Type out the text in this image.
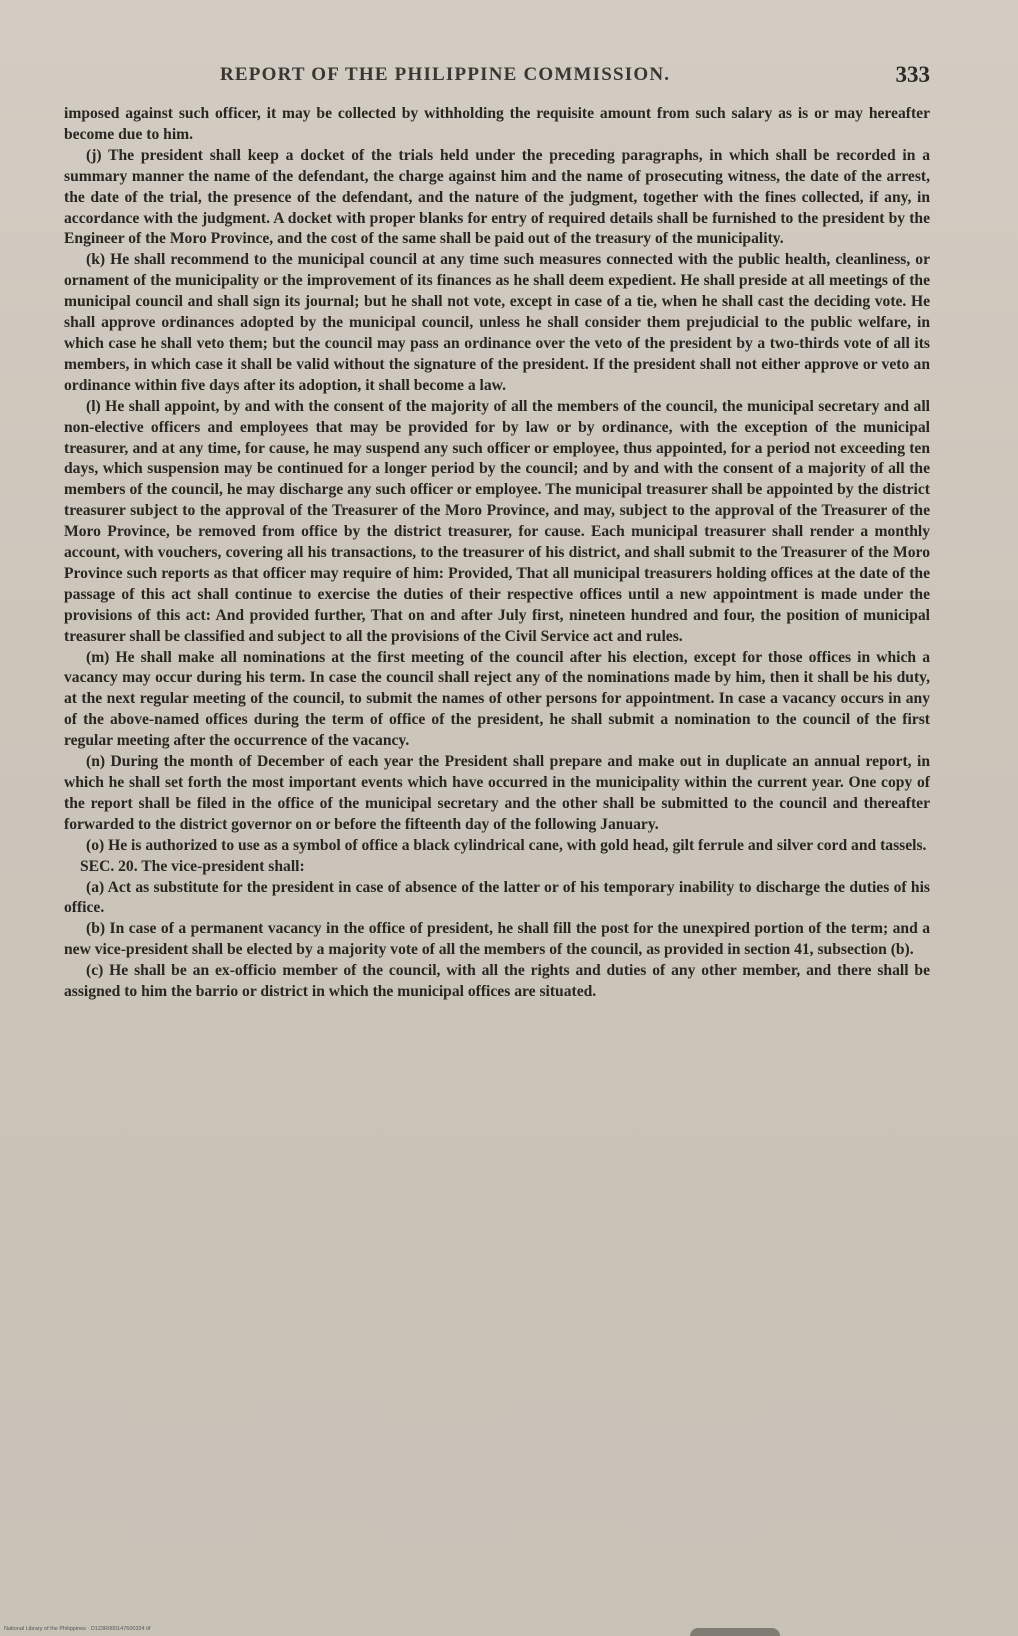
REPORT OF THE PHILIPPINE COMMISSION.	333

imposed against such officer, it may be collected by withholding the requisite amount from such salary as is or may hereafter become due to him.

(j) The president shall keep a docket of the trials held under the preceding paragraphs, in which shall be recorded in a summary manner the name of the defendant, the charge against him and the name of prosecuting witness, the date of the arrest, the date of the trial, the presence of the defendant, and the nature of the judgment, together with the fines collected, if any, in accordance with the judgment. A docket with proper blanks for entry of required details shall be furnished to the president by the Engineer of the Moro Province, and the cost of the same shall be paid out of the treasury of the municipality.

(k) He shall recommend to the municipal council at any time such measures connected with the public health, cleanliness, or ornament of the municipality or the improvement of its finances as he shall deem expedient. He shall preside at all meetings of the municipal council and shall sign its journal; but he shall not vote, except in case of a tie, when he shall cast the deciding vote. He shall approve ordinances adopted by the municipal council, unless he shall consider them prejudicial to the public welfare, in which case he shall veto them; but the council may pass an ordinance over the veto of the president by a two-thirds vote of all its members, in which case it shall be valid without the signature of the president. If the president shall not either approve or veto an ordinance within five days after its adoption, it shall become a law.

(l) He shall appoint, by and with the consent of the majority of all the members of the council, the municipal secretary and all non-elective officers and employees that may be provided for by law or by ordinance, with the exception of the municipal treasurer, and at any time, for cause, he may suspend any such officer or employee, thus appointed, for a period not exceeding ten days, which suspension may be continued for a longer period by the council; and by and with the consent of a majority of all the members of the council, he may discharge any such officer or employee. The municipal treasurer shall be appointed by the district treasurer subject to the approval of the Treasurer of the Moro Province, and may, subject to the approval of the Treasurer of the Moro Province, be removed from office by the district treasurer, for cause. Each municipal treasurer shall render a monthly account, with vouchers, covering all his transactions, to the treasurer of his district, and shall submit to the Treasurer of the Moro Province such reports as that officer may require of him: Provided, That all municipal treasurers holding offices at the date of the passage of this act shall continue to exercise the duties of their respective offices until a new appointment is made under the provisions of this act: And provided further, That on and after July first, nineteen hundred and four, the position of municipal treasurer shall be classified and subject to all the provisions of the Civil Service act and rules.

(m) He shall make all nominations at the first meeting of the council after his election, except for those offices in which a vacancy may occur during his term. In case the council shall reject any of the nominations made by him, then it shall be his duty, at the next regular meeting of the council, to submit the names of other persons for appointment. In case a vacancy occurs in any of the above-named offices during the term of office of the president, he shall submit a nomination to the council of the first regular meeting after the occurrence of the vacancy.

(n) During the month of December of each year the President shall prepare and make out in duplicate an annual report, in which he shall set forth the most important events which have occurred in the municipality within the current year. One copy of the report shall be filed in the office of the municipal secretary and the other shall be submitted to the council and thereafter forwarded to the district governor on or before the fifteenth day of the following January.

(o) He is authorized to use as a symbol of office a black cylindrical cane, with gold head, gilt ferrule and silver cord and tassels.

SEC. 20. The vice-president shall:

(a) Act as substitute for the president in case of absence of the latter or of his temporary inability to discharge the duties of his office.

(b) In case of a permanent vacancy in the office of president, he shall fill the post for the unexpired portion of the term; and a new vice-president shall be elected by a majority vote of all the members of the council, as provided in section 41, subsection (b).

(c) He shall be an ex-officio member of the council, with all the rights and duties of any other member, and there shall be assigned to him the barrio or district in which the municipal offices are situated.

National Library of the Philippines · D123R000147600324 tif
